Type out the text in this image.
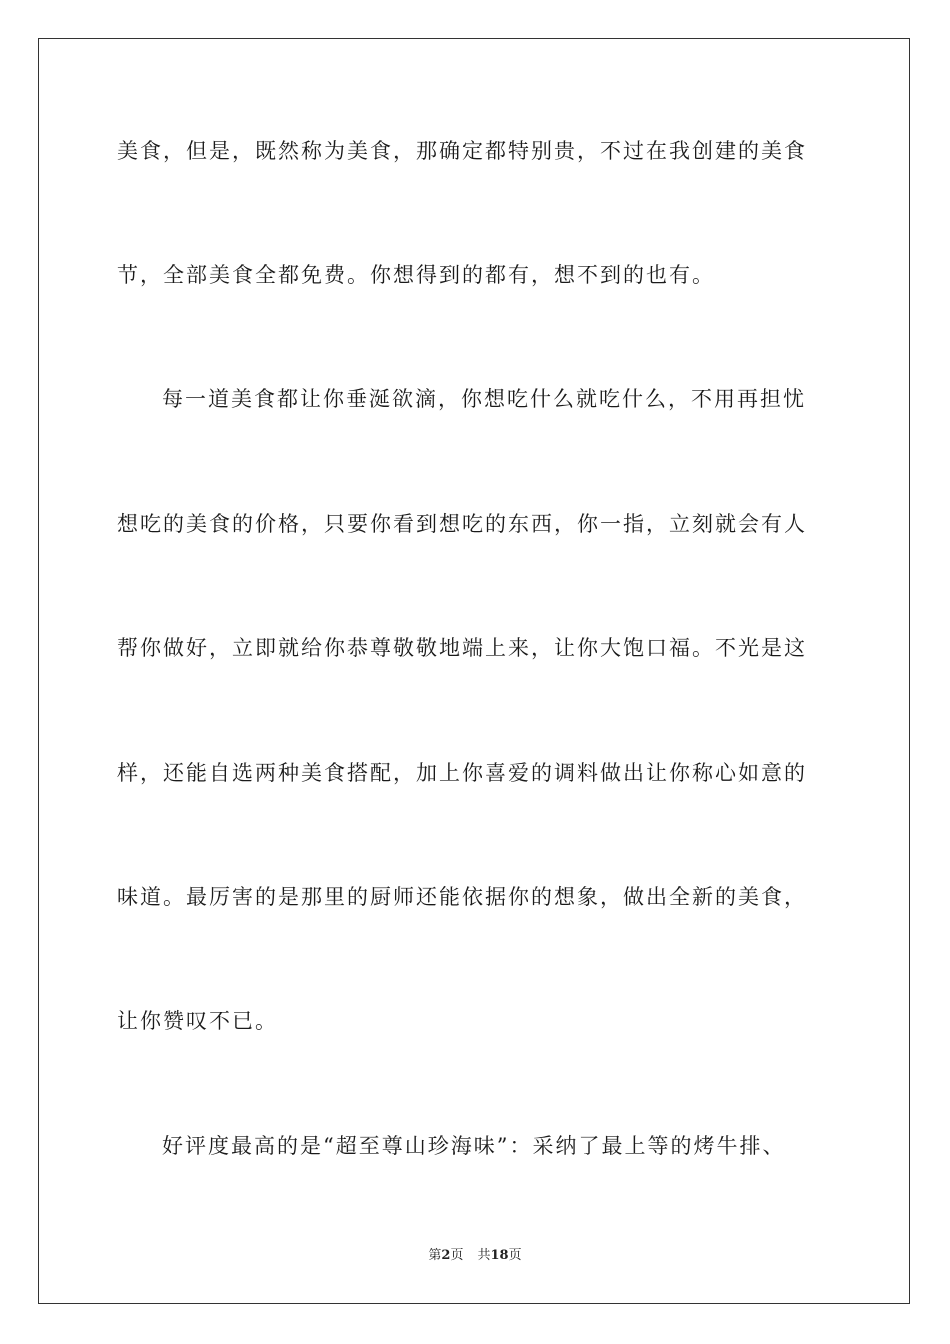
美食，但是，既然称为美食，那确定都特别贵，不过在我创建的美食
节，全部美食全都免费。你想得到的都有，想不到的也有。
每一道美食都让你垂涎欲滴，你想吃什么就吃什么，不用再担忧
想吃的美食的价格，只要你看到想吃的东西，你一指，立刻就会有人
帮你做好，立即就给你恭尊敬敬地端上来，让你大饱口福。不光是这
样，还能自选两种美食搭配，加上你喜爱的调料做出让你称心如意的
味道。最厉害的是那里的厨师还能依据你的想象，做出全新的美食，
让你赞叹不已。
好评度最高的是“超至尊山珍海味”：采纳了最上等的烤牛排、
第2页 共18页
